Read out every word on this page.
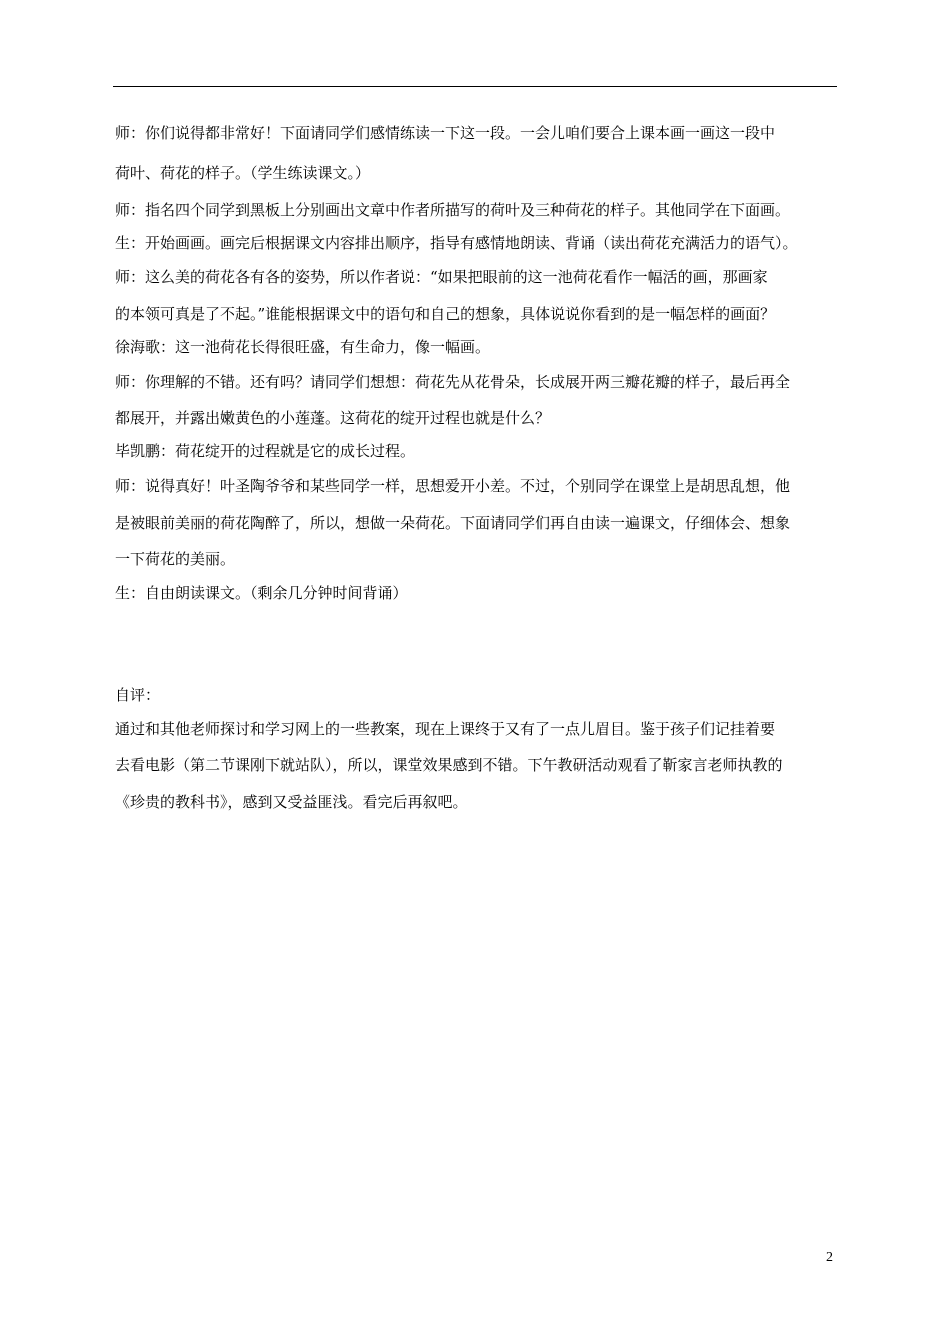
师：你们说得都非常好！下面请同学们感情练读一下这一段。一会儿咱们要合上课本画一画这一段中
荷叶、荷花的样子。（学生练读课文。）
师：指名四个同学到黑板上分别画出文章中作者所描写的荷叶及三种荷花的样子。其他同学在下面画。
生：开始画画。画完后根据课文内容排出顺序，指导有感情地朗读、背诵（读出荷花充满活力的语气）。
师：这么美的荷花各有各的姿势，所以作者说：“如果把眼前的这一池荷花看作一幅活的画，那画家
的本领可真是了不起。”谁能根据课文中的语句和自己的想象，具体说说你看到的是一幅怎样的画面？
徐海歌：这一池荷花长得很旺盛，有生命力，像一幅画。
师：你理解的不错。还有吗？请同学们想想：荷花先从花骨朵，长成展开两三瓣花瓣的样子，最后再全
都展开，并露出嫩黄色的小莲蓬。这荷花的绽开过程也就是什么？
毕凯鹏：荷花绽开的过程就是它的成长过程。
师：说得真好！叶圣陶爷爷和某些同学一样，思想爱开小差。不过，个别同学在课堂上是胡思乱想，他
是被眼前美丽的荷花陶醉了，所以，想做一朵荷花。下面请同学们再自由读一遍课文，仔细体会、想象
一下荷花的美丽。
生：自由朗读课文。（剩余几分钟时间背诵）
自评：
通过和其他老师探讨和学习网上的一些教案，现在上课终于又有了一点儿眉目。鉴于孩子们记挂着要
去看电影（第二节课刚下就站队），所以，课堂效果感到不错。下午教研活动观看了靳家言老师执教的
《珍贵的教科书》，感到又受益匪浅。看完后再叙吧。
2
